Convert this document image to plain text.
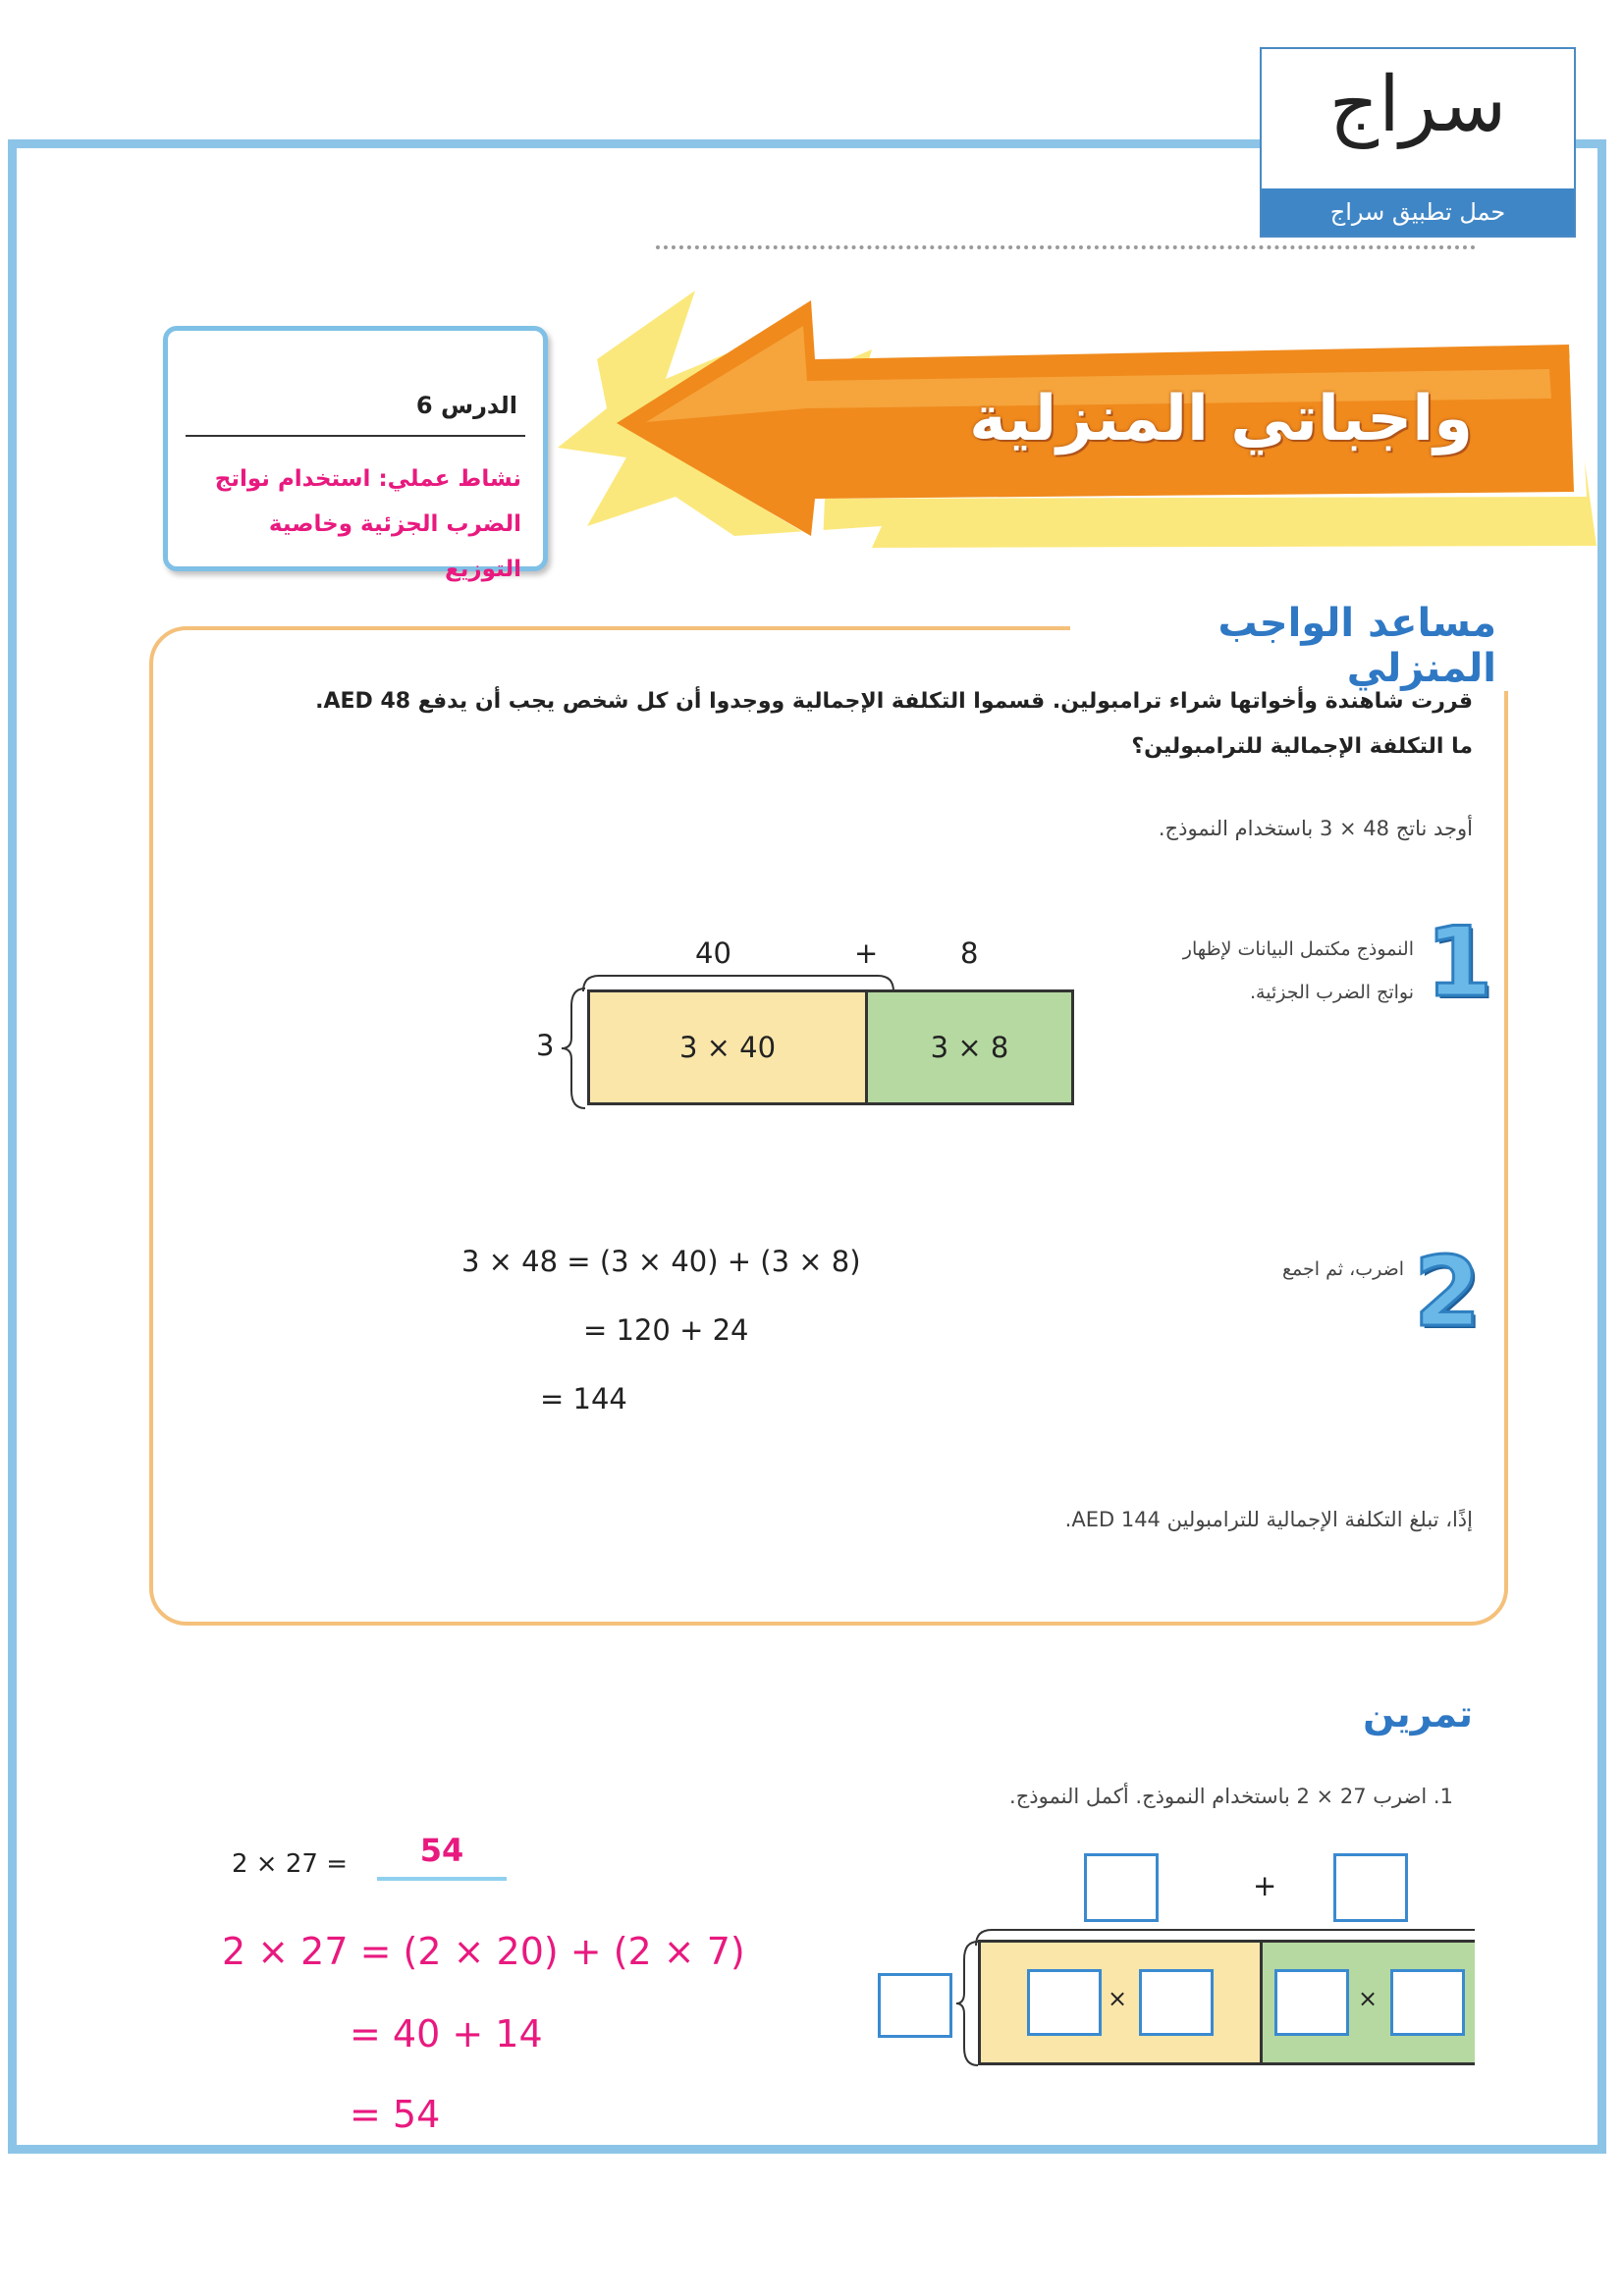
سراج
حمل تطبيق سراج
واجباتي المنزلية
الدرس 6
نشاط عملي: استخدام نواتج
الضرب الجزئية وخاصية التوزيع
مساعد الواجب المنزلي
قررت شاهندة وأخواتها شراء ترامبولين. قسموا التكلفة الإجمالية ووجدوا أن كل شخص يجب أن يدفع AED 48.
ما التكلفة الإجمالية للترامبولين؟
أوجد ناتج 48 × 3 باستخدام النموذج.
1
النموذج مكتمل البيانات لإظهار
نواتج الضرب الجزئية.
40	+	8
3	3 × 40	3 × 8
2
اضرب، ثم اجمع
3 × 48 = (3 × 40) + (3 × 8)
= 120 + 24
= 144
إذًا، تبلغ التكلفة الإجمالية للترامبولين AED 144.
تمرين
1. اضرب 27 × 2 باستخدام النموذج. أكمل النموذج.
2 × 27 =	54
2 × 27 = (2 × 20) + (2 × 7)
= 40 + 14
= 54
+
×	×
